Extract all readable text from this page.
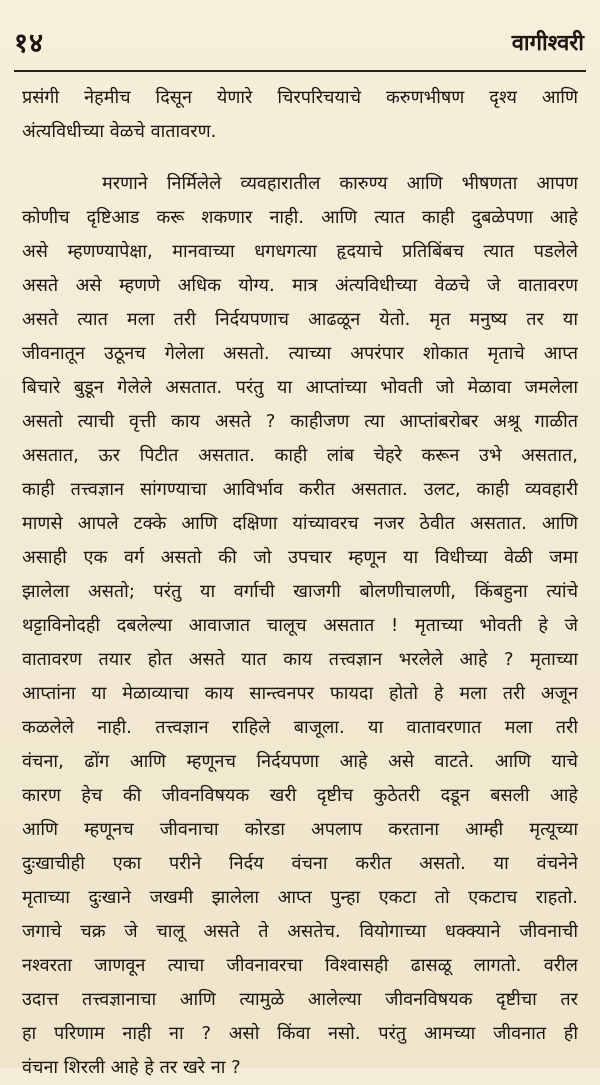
१४	वागीश्वरी
प्रसंगी नेहमीच दिसून येणारे चिरपरिचयाचे करुणभीषण दृश्य आणि
अंत्यविधीच्या वेळचे वातावरण.
मरणाने निर्मिलेले व्यवहारातील कारुण्य आणि भीषणता आपण
कोणीच दृष्टिआड करू शकणार नाही. आणि त्यात काही दुबळेपणा आहे
असे म्हणण्यापेक्षा, मानवाच्या धगधगत्या हृदयाचे प्रतिबिंबच त्यात पडलेले
असते असे म्हणणे अधिक योग्य. मात्र अंत्यविधीच्या वेळचे जे वातावरण
असते त्यात मला तरी निर्दयपणाच आढळून येतो. मृत मनुष्य तर या
जीवनातून उठूनच गेलेला असतो. त्याच्या अपरंपार शोकात मृताचे आप्त
बिचारे बुडून गेलेले असतात. परंतु या आप्तांच्या भोवती जो मेळावा जमलेला
असतो त्याची वृत्ती काय असते ? काहीजण त्या आप्तांबरोबर अश्रू गाळीत
असतात, ऊर पिटीत असतात. काही लांब चेहरे करून उभे असतात,
काही तत्त्वज्ञान सांगण्याचा आविर्भाव करीत असतात. उलट, काही व्यवहारी
माणसे आपले टक्के आणि दक्षिणा यांच्यावरच नजर ठेवीत असतात. आणि
असाही एक वर्ग असतो की जो उपचार म्हणून या विधीच्या वेळी जमा
झालेला असतो; परंतु या वर्गाची खाजगी बोलणीचालणी, किंबहुना त्यांचे
थट्टाविनोदही दबलेल्या आवाजात चालूच असतात ! मृताच्या भोवती हे जे
वातावरण तयार होत असते यात काय तत्त्वज्ञान भरलेले आहे ? मृताच्या
आप्तांना या मेळाव्याचा काय सान्त्वनपर फायदा होतो हे मला तरी अजून
कळलेले नाही. तत्त्वज्ञान राहिले बाजूला. या वातावरणात मला तरी
वंचना, ढोंग आणि म्हणूनच निर्दयपणा आहे असे वाटते. आणि याचे
कारण हेच की जीवनविषयक खरी दृष्टीच कुठेतरी दडून बसली आहे
आणि म्हणूनच जीवनाचा कोरडा अपलाप करताना आम्ही मृत्यूच्या
दुःखाचीही एका परीने निर्दय वंचना करीत असतो. या वंचनेने
मृताच्या दुःखाने जखमी झालेला आप्त पुन्हा एकटा तो एकटाच राहतो.
जगाचे चक्र जे चालू असते ते असतेच. वियोगाच्या धक्क्याने जीवनाची
नश्वरता जाणवून त्याचा जीवनावरचा विश्वासही ढासळू लागतो. वरील
उदात्त तत्त्वज्ञानाचा आणि त्यामुळे आलेल्या जीवनविषयक दृष्टीचा तर
हा परिणाम नाही ना ? असो किंवा नसो. परंतु आमच्या जीवनात ही
वंचना शिरली आहे हे तर खरे ना ?
